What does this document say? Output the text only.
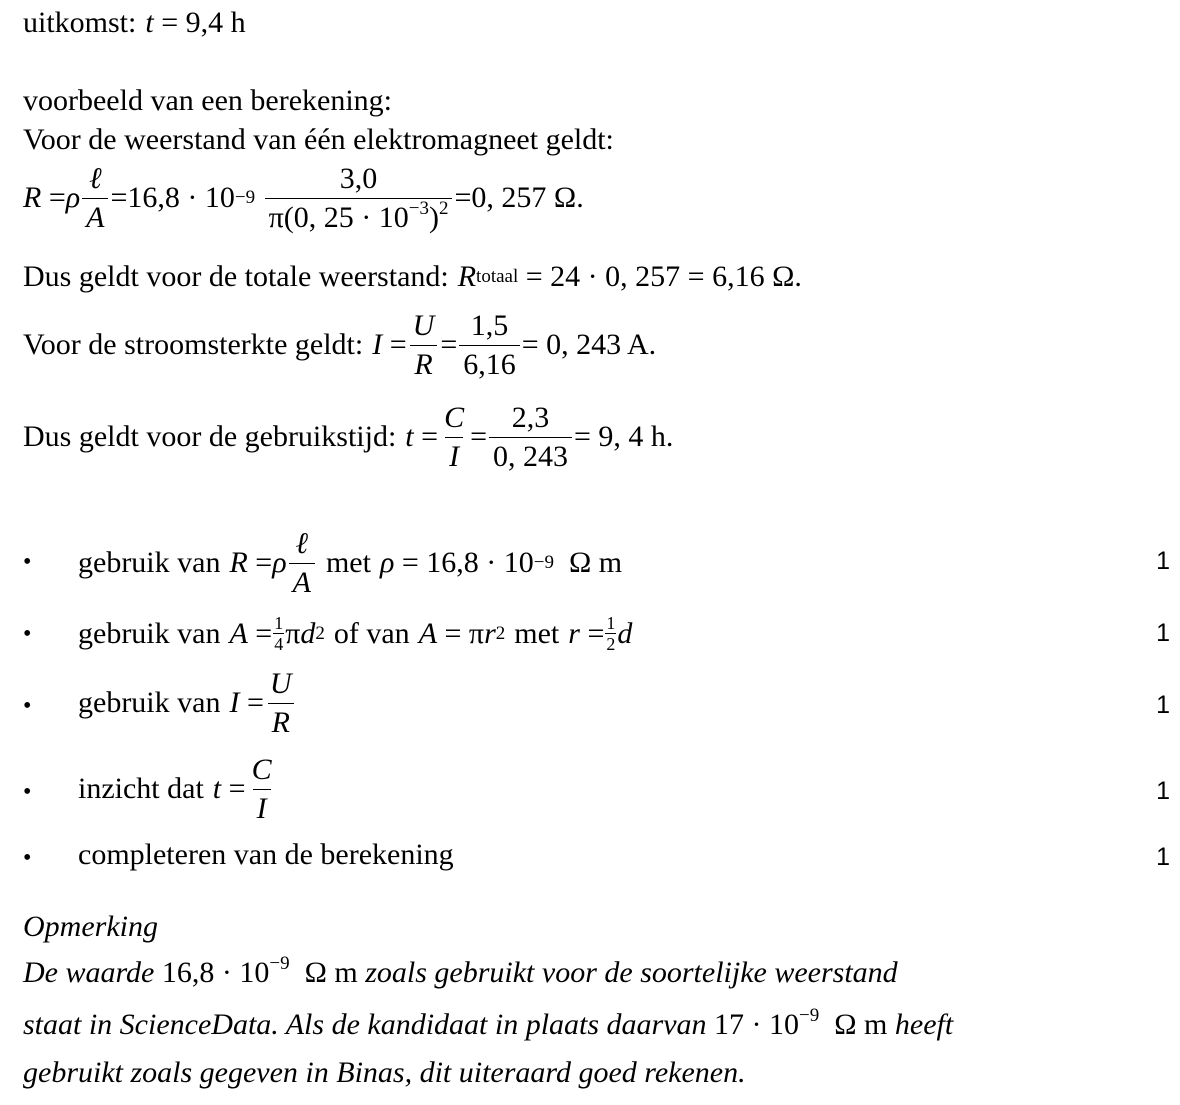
uitkomst: t = 9,4 h
voorbeeld van een berekening:
Voor de weerstand van één elektromagneet geldt:
R = ρ $\frac{\text{ℓ}}{A} = 16,8 \cdot 10 -9$
$\frac{3,0}{\pi(0, 25 \cdot 10^{-3})^2} = 0$, 257
Ω.
Dus geldt voor de totale weerstand: R totaal
= 24 · 0, 257 = 6,16 Ω.
Voor de stroomsterkte geldt: $I = \frac{U}{R} = \frac{1,5}{6,16} = 0$, 243 A.
Dus geldt voor de gebruikstijd: $t = \frac{C}{I} = \frac{2,3}{0, 243} = 9$, 4 h.
• gebruik van R = ρ $\frac{\text{ℓ}}{A}$ met ρ = 16,8 · 10 −9 Ω m	1
• gebruik van $A = \frac{1}{4}$ π d 2 of van A = π r 2 met $r = \frac{1}{2}$ d	1
• gebruik van $I = \frac{U}{R}$	1
• inzicht dat $t = \frac{C}{I}$	1
• completeren van de berekening	1
Opmerking
De waarde $16,8 \cdot 10^{-9}$ Ω m zoals gebruikt voor de soortelijke weerstand
staat in ScienceData. Als de kandidaat in plaats daarvan $17 \cdot 10^{-9}$ Ω m heeft
gebruikt zoals gegeven in Binas, dit uiteraard goed rekenen.
